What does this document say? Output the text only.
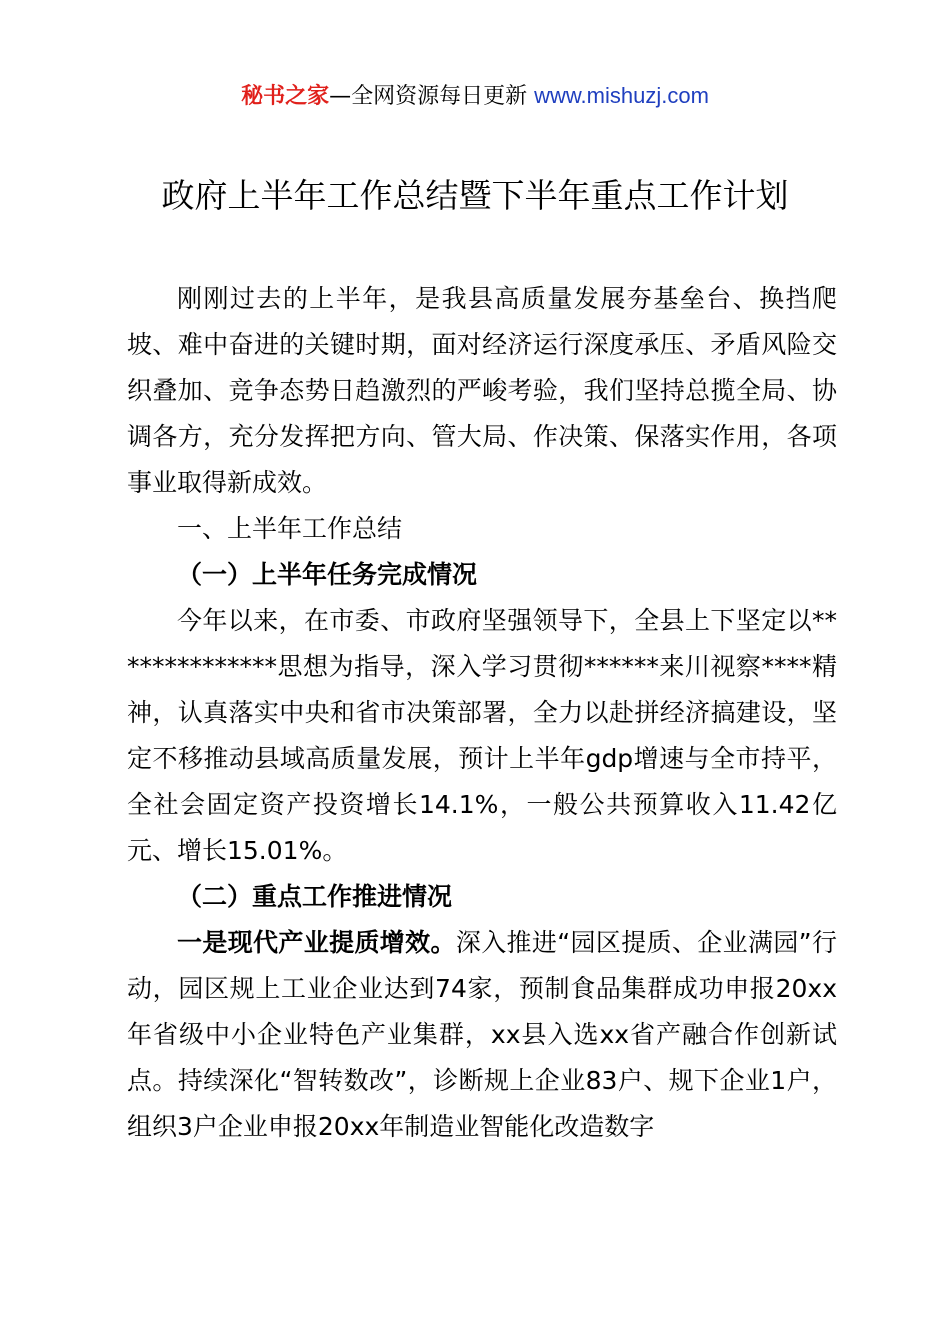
秘书之家—全网资源每日更新 www.mishuzj.com
政府上半年工作总结暨下半年重点工作计划

刚刚过去的上半年，是我县高质量发展夯基垒台、换挡爬坡、难中奋进的关键时期，面对经济运行深度承压、矛盾风险交织叠加、竞争态势日趋激烈的严峻考验，我们坚持总揽全局、协调各方，充分发挥把方向、管大局、作决策、保落实作用，各项事业取得新成效。

一、上半年工作总结

（一）上半年任务完成情况

今年以来，在市委、市政府坚强领导下，全县上下坚定以**************思想为指导，深入学习贯彻******来川视察****精神，认真落实中央和省市决策部署，全力以赴拼经济搞建设，坚定不移推动县域高质量发展，预计上半年gdp增速与全市持平，全社会固定资产投资增长14.1%，一般公共预算收入11.42亿元、增长15.01%。

（二）重点工作推进情况

一是现代产业提质增效。深入推进“园区提质、企业满园”行动，园区规上工业企业达到74家，预制食品集群成功申报20xx年省级中小企业特色产业集群，xx县入选xx省产融合作创新试点。持续深化“智转数改”，诊断规上企业83户、规下企业1户，组织3户企业申报20xx年制造业智能化改造数字
